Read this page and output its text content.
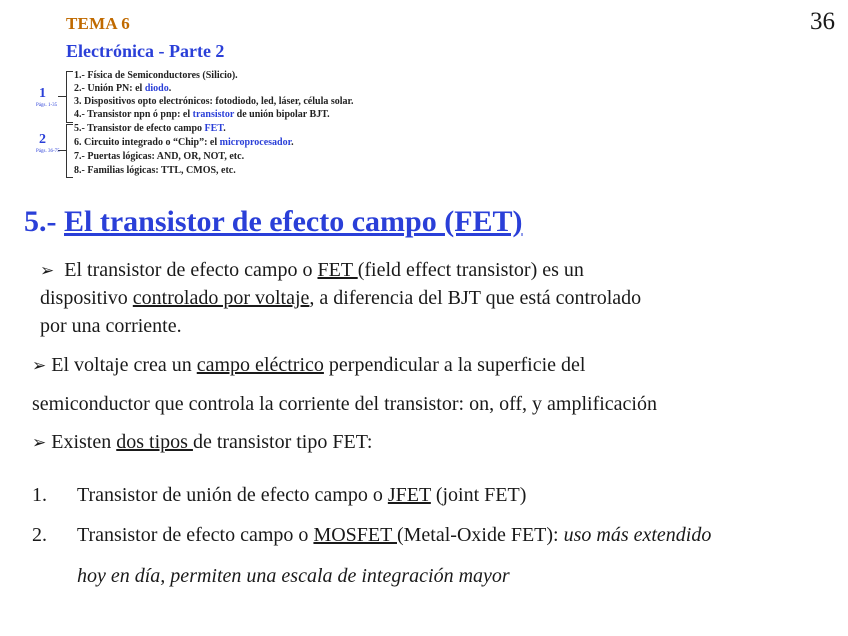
36
TEMA 6
Electrónica - Parte 2
1
Págs. 1-35
2
Págs. 36-75
1.- Física de Semiconductores (Silicio).
2.- Unión PN: el diodo.
3. Dispositivos opto electrónicos: fotodiodo, led, láser, célula solar.
4.- Transistor npn ó pnp: el transistor de unión bipolar BJT.
5.- Transistor de efecto campo FET.
6. Circuito integrado o “Chip”: el microprocesador.
7.- Puertas lógicas: AND, OR, NOT, etc.
8.- Familias lógicas: TTL, CMOS, etc.
5.- El transistor de efecto campo (FET)
➢ El transistor de efecto campo o FET (field effect transistor) es un
dispositivo controlado por voltaje, a diferencia del BJT que está controlado
por una corriente.
➢ El voltaje crea un campo eléctrico perpendicular a la superficie del
semiconductor que controla la corriente del transistor: on, off, y amplificación
➢ Existen dos tipos de transistor tipo FET:
1. Transistor de unión de efecto campo o JFET (joint FET)
2. Transistor de efecto campo o MOSFET (Metal-Oxide FET): uso más extendido
hoy en día, permiten una escala de integración mayor
